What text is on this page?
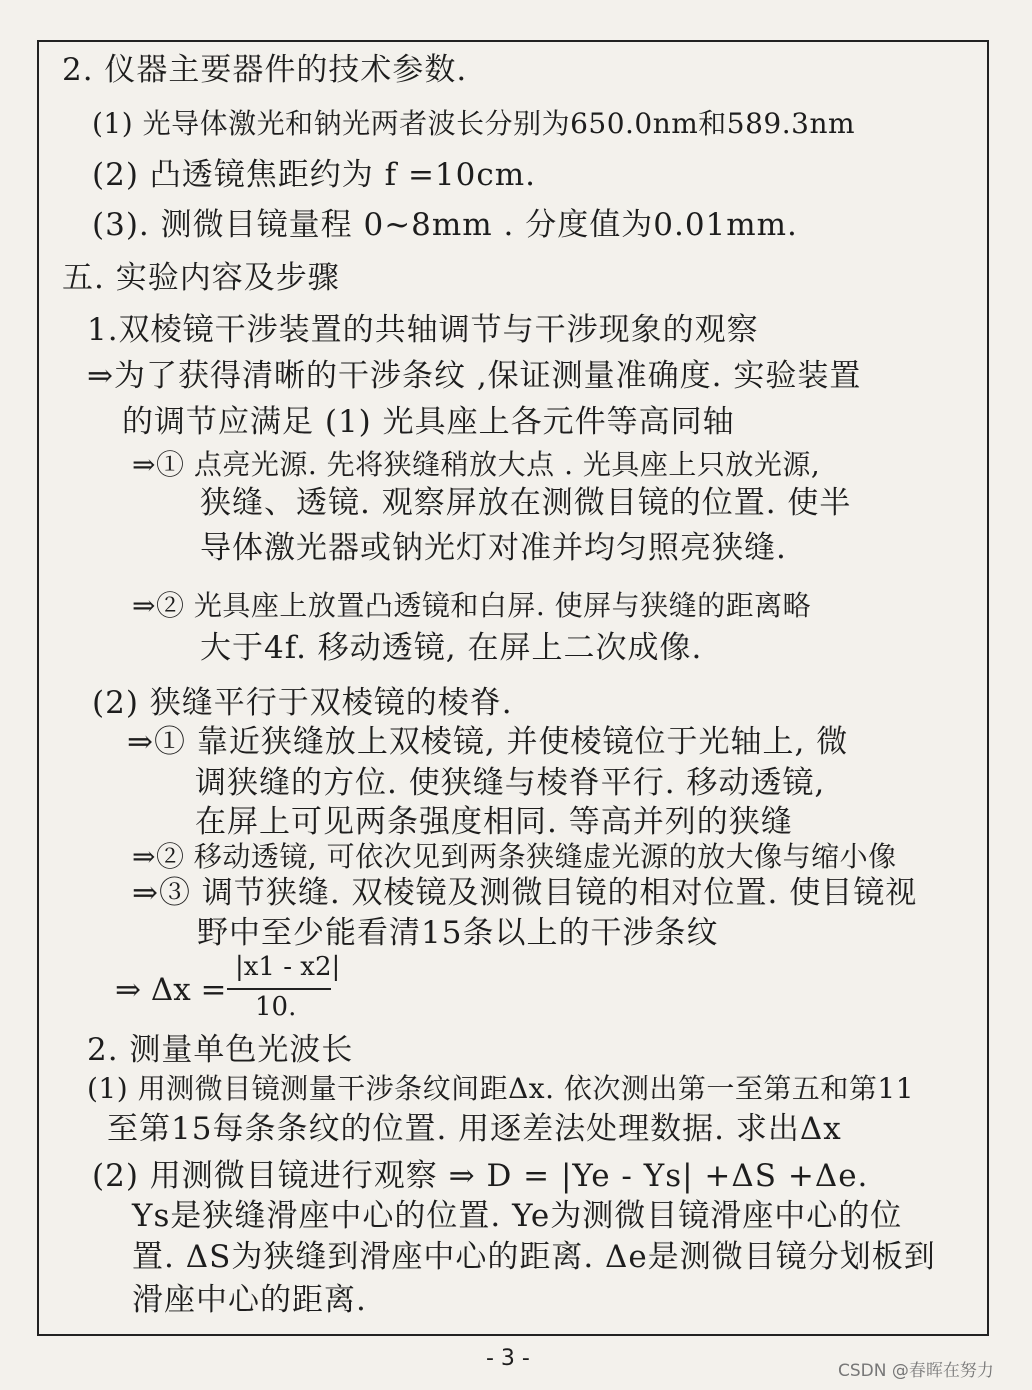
2. 仪器主要器件的技术参数.
(1) 光导体激光和钠光两者波长分别为650.0nm和589.3nm
(2) 凸透镜焦距约为 f =10cm.
(3). 测微目镜量程 0~8mm . 分度值为0.01mm.
五. 实验内容及步骤
1.双棱镜干涉装置的共轴调节与干涉现象的观察
⇒为了获得清晰的干涉条纹 ,保证测量准确度. 实验装置
的调节应满足 (1) 光具座上各元件等高同轴
⇒① 点亮光源. 先将狭缝稍放大点 . 光具座上只放光源,
狭缝、透镜. 观察屏放在测微目镜的位置. 使半
导体激光器或钠光灯对准并均匀照亮狭缝.
⇒② 光具座上放置凸透镜和白屏. 使屏与狭缝的距离略
大于4f. 移动透镜, 在屏上二次成像.
(2) 狭缝平行于双棱镜的棱脊.
⇒① 靠近狭缝放上双棱镜, 并使棱镜位于光轴上, 微
调狭缝的方位. 使狭缝与棱脊平行. 移动透镜,
在屏上可见两条强度相同. 等高并列的狭缝
⇒② 移动透镜, 可依次见到两条狭缝虚光源的放大像与缩小像
⇒③ 调节狭缝. 双棱镜及测微目镜的相对位置. 使目镜视
野中至少能看清15条以上的干涉条纹
⇒ Δx =
|x1 - x2|
10.
2. 测量单色光波长
(1) 用测微目镜测量干涉条纹间距Δx. 依次测出第一至第五和第11
至第15每条条纹的位置. 用逐差法处理数据. 求出Δx
(2) 用测微目镜进行观察 ⇒ D = |Ye - Ys| +ΔS +Δe.
Ys是狭缝滑座中心的位置. Ye为测微目镜滑座中心的位
置. ΔS为狭缝到滑座中心的距离. Δe是测微目镜分划板到
滑座中心的距离.
- 3 -	CSDN @春晖在努力
